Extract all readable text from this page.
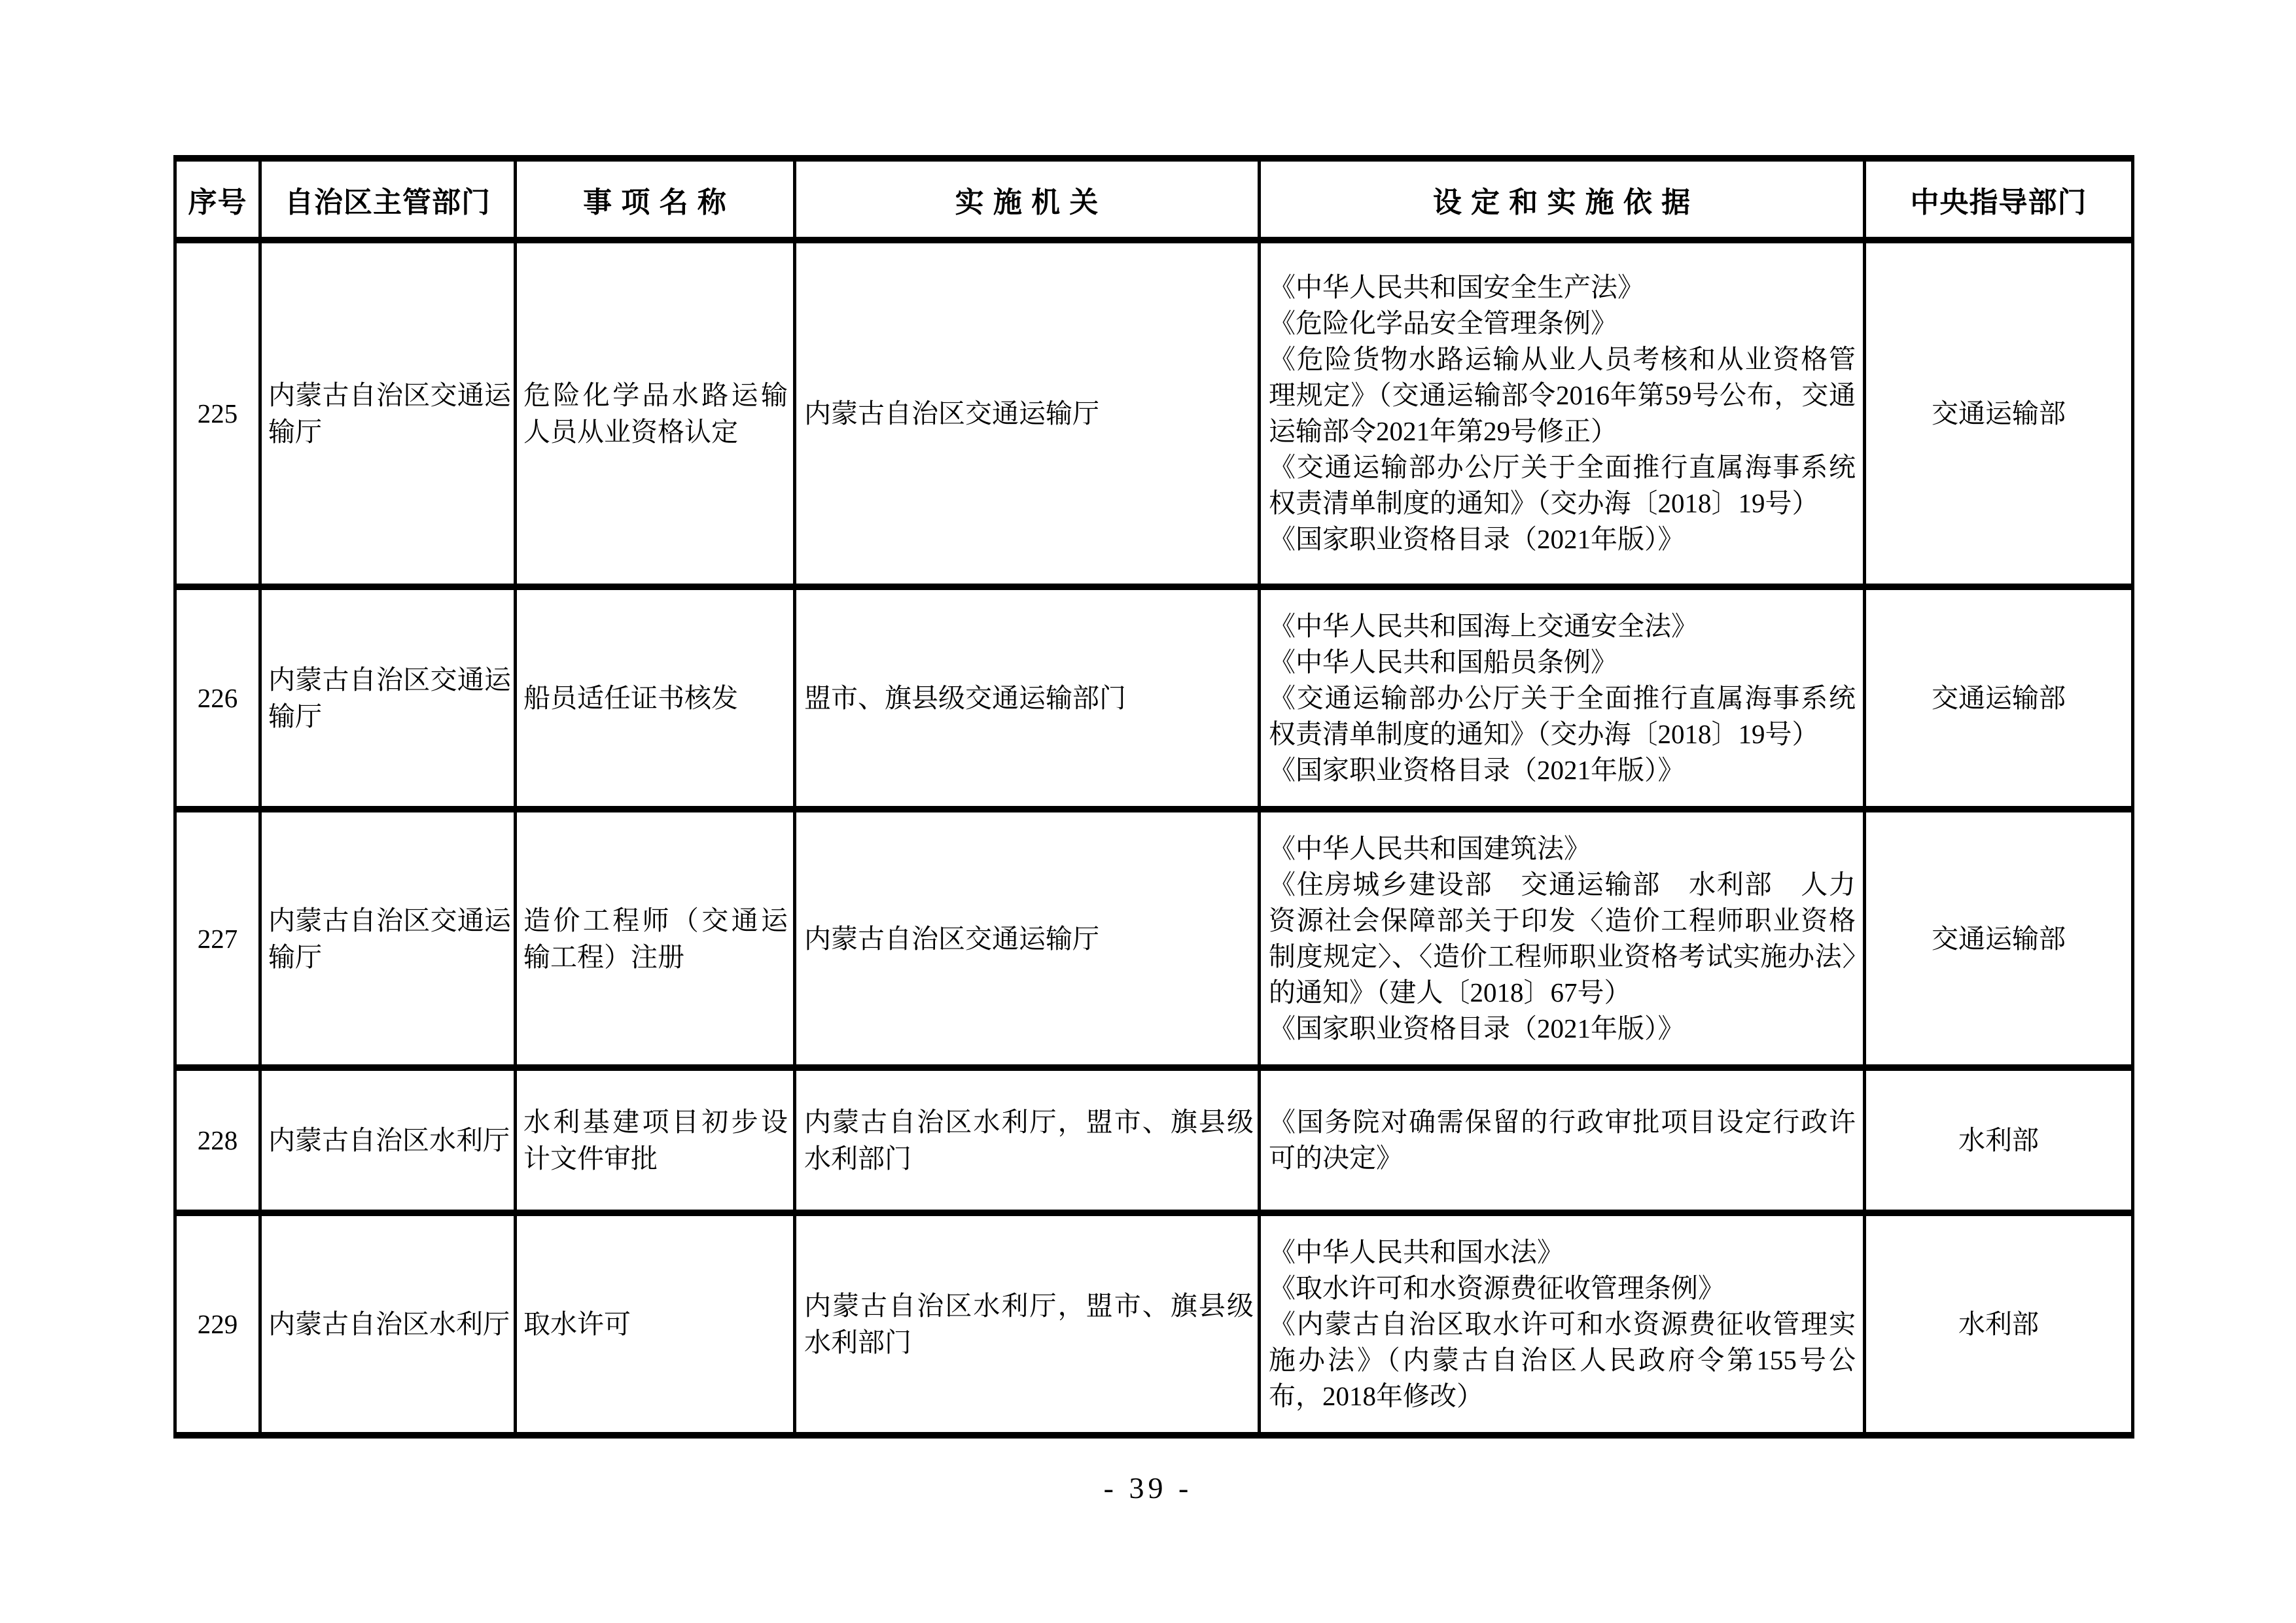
序号	自治区主管部门	事 项 名 称	实 施 机 关	设 定 和 实 施 依 据	中央指导部门
225	内蒙古自治区交通运输厅	危险化学品水路运输人员从业资格认定	内蒙古自治区交通运输厅	《中华人民共和国安全生产法》
《危险化学品安全管理条例》
《危险货物水路运输从业人员考核和从业资格管理规定》（交通运输部令2016年第59号公布，交通运输部令2021年第29号修正）
《交通运输部办公厅关于全面推行直属海事系统权责清单制度的通知》（交办海〔2018〕19号）
《国家职业资格目录（2021年版）》	交通运输部
226	内蒙古自治区交通运输厅	船员适任证书核发	盟市、旗县级交通运输部门	《中华人民共和国海上交通安全法》
《中华人民共和国船员条例》
《交通运输部办公厅关于全面推行直属海事系统权责清单制度的通知》（交办海〔2018〕19号）
《国家职业资格目录（2021年版）》	交通运输部
227	内蒙古自治区交通运输厅	造价工程师（交通运输工程）注册	内蒙古自治区交通运输厅	《中华人民共和国建筑法》
《住房城乡建设部　交通运输部　水利部　人力资源社会保障部关于印发〈造价工程师职业资格制度规定〉、〈造价工程师职业资格考试实施办法〉的通知》（建人〔2018〕67号）
《国家职业资格目录（2021年版）》	交通运输部
228	内蒙古自治区水利厅	水利基建项目初步设计文件审批	内蒙古自治区水利厅，盟市、旗县级水利部门	《国务院对确需保留的行政审批项目设定行政许可的决定》	水利部
229	内蒙古自治区水利厅	取水许可	内蒙古自治区水利厅，盟市、旗县级水利部门	《中华人民共和国水法》
《取水许可和水资源费征收管理条例》
《内蒙古自治区取水许可和水资源费征收管理实施办法》（内蒙古自治区人民政府令第155号公布，2018年修改）	水利部
- 39 -
